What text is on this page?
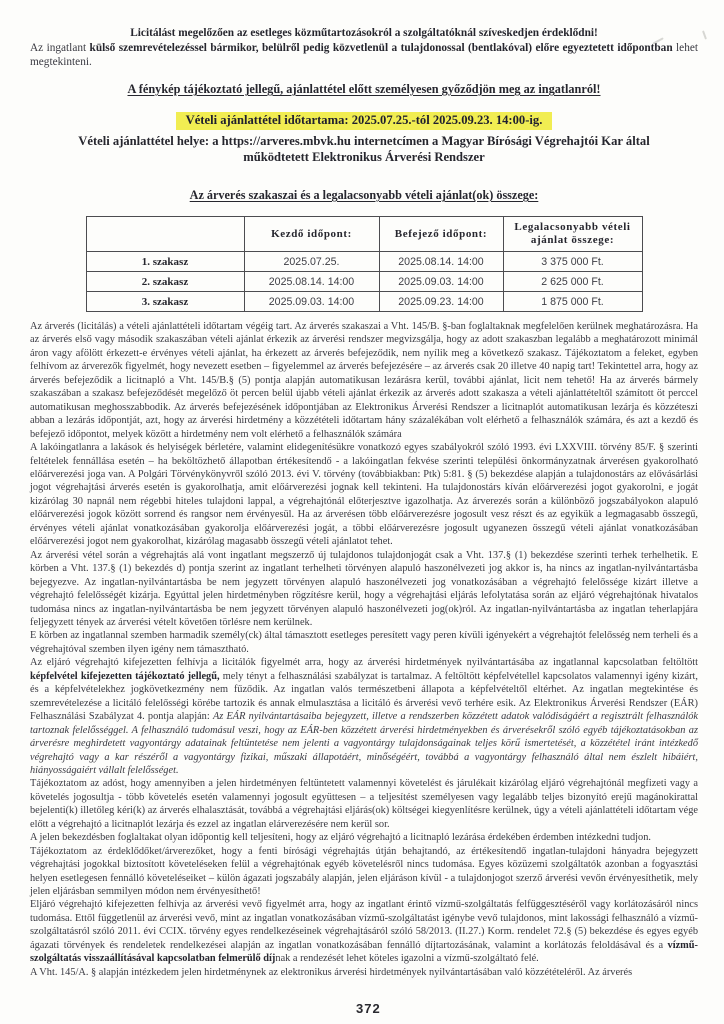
Licitálást megelőzően az esetleges közműtartozásokról a szolgáltatóknál szíveskedjen érdeklődni!

Az ingatlant külső szemrevételezéssel bármikor, belülről pedig közvetlenül a tulajdonossal (bentlakóval) előre egyeztetett időpontban lehet megtekinteni.

A fénykép tájékoztató jellegű, ajánlattétel előtt személyesen győződjön meg az ingatlanról!
Vételi ajánlattétel időtartama: 2025.07.25.-tól 2025.09.23. 14:00-ig.
Vételi ajánlattétel helye: a https://arveres.mbvk.hu internetcímen a Magyar Bírósági Végrehajtói Kar által működtetett Elektronikus Árverési Rendszer
Az árverés szakaszai és a legalacsonyabb vételi ajánlat(ok) összege:
	Kezdő időpont:	Befejező időpont:	Legalacsonyabb vételi ajánlat összege:
1. szakasz	2025.07.25.	2025.08.14. 14:00	3 375 000 Ft.
2. szakasz	2025.08.14. 14:00	2025.09.03. 14:00	2 625 000 Ft.
3. szakasz	2025.09.03. 14:00	2025.09.23. 14:00	1 875 000 Ft.

Az árverés (licitálás) a vételi ajánlattételi időtartam végéig tart. Az árverés szakaszai a Vht. 145/B. §-ban foglaltaknak megfelelően kerülnek meghatározásra. Ha az árverés első vagy második szakaszában vételi ajánlat érkezik az árverési rendszer megvizsgálja, hogy az adott szakaszban legalább a meghatározott minimál áron vagy afölött érkezett-e érvényes vételi ajánlat, ha érkezett az árverés befejeződik, nem nyílik meg a következő szakasz. Tájékoztatom a feleket, egyben felhívom az árverezők figyelmét, hogy nevezett esetben – figyelemmel az árverés befejezésére – az árverés csak 20 illetve 40 napig tart! Tekintettel arra, hogy az árverés befejeződik a licitnapló a Vht. 145/B.§ (5) pontja alapján automatikusan lezárásra kerül, további ajánlat, licit nem tehető! Ha az árverés bármely szakaszában a szakasz befejeződését megelőző öt percen belül újabb vételi ajánlat érkezik az árverés adott szakasza a vételi ajánlattételtől számított öt perccel automatikusan meghosszabbodik. Az árverés befejezésének időpontjában az Elektronikus Árverési Rendszer a licitnaplót automatikusan lezárja és közzéteszi abban a lezárás időpontját, azt, hogy az árverési hirdetmény a közzétételi időtartam hány százalékában volt elérhető a felhasználók számára, és azt a kezdő és befejező időpontot, melyek között a hirdetmény nem volt elérhető a felhasználók számára

A lakóingatlanra a lakások és helyiségek bérletére, valamint elidegenítésükre vonatkozó egyes szabályokról szóló 1993. évi LXXVIII. törvény 85/F. § szerinti feltételek fennállása esetén – ha beköltözhető állapotban értékesítendő - a lakóingatlan fekvése szerinti települési önkormányzatnak árverésen gyakorolható előárverezési joga van. A Polgári Törvénykönyvről szóló 2013. évi V. törvény (továbbiakban: Ptk) 5:81. § (5) bekezdése alapján a tulajdonostárs az elővásárlási jogot végrehajtási árverés esetén is gyakorolhatja, amit előárverezési jognak kell tekinteni. Ha tulajdonostárs kíván előárverezési jogot gyakorolni, e jogát kizárólag 30 napnál nem régebbi hiteles tulajdoni lappal, a végrehajtónál előterjesztve igazolhatja. Az árverezés során a különböző jogszabályokon alapuló előárverezési jogok között sorrend és rangsor nem érvényesül. Ha az árverésen több előárverezésre jogosult vesz részt és az egyikük a legmagasabb összegű, érvényes vételi ajánlat vonatkozásában gyakorolja előárverezési jogát, a többi előárverezésre jogosult ugyanezen összegű vételi ajánlat vonatkozásában előárverezési jogot nem gyakorolhat, kizárólag magasabb összegű vételi ajánlatot tehet.

Az árverési vétel során a végrehajtás alá vont ingatlant megszerző új tulajdonos tulajdonjogát csak a Vht. 137.§ (1) bekezdése szerinti terhek terhelhetik. E körben a Vht. 137.§ (1) bekezdés d) pontja szerint az ingatlant terhelheti törvényen alapuló haszonélvezeti jog akkor is, ha nincs az ingatlan-nyilvántartásba bejegyezve. Az ingatlan-nyilvántartásba be nem jegyzett törvényen alapuló haszonélvezeti jog vonatkozásában a végrehajtó felelőssége kizárt illetve a végrehajtó felelősségét kizárja. Egyúttal jelen hirdetményben rögzítésre kerül, hogy a végrehajtási eljárás lefolytatása során az eljáró végrehajtónak hivatalos tudomása nincs az ingatlan-nyilvántartásba be nem jegyzett törvényen alapuló haszonélvezeti jog(ok)ról. Az ingatlan-nyilvántartásba az ingatlan teherlapjára feljegyzett tények az árverési vételt követően törlésre nem kerülnek.

E körben az ingatlannal szemben harmadik személy(ck) által támasztott esetleges peresített vagy peren kívüli igényekért a végrehajtót felelősség nem terheli és a végrehajtóval szemben ilyen igény nem támasztható.

Az eljáró végrehajtó kifejezetten felhívja a licitálók figyelmét arra, hogy az árverési hirdetmények nyilvántartásába az ingatlannal kapcsolatban feltöltött képfelvétel kifejezetten tájékoztató jellegű, mely tényt a felhasználási szabályzat is tartalmaz. A feltöltött képfelvétellel kapcsolatos valamennyi igény kizárt, és a képfelvételekhez jogkövetkezmény nem fűződik. Az ingatlan valós természetbeni állapota a képfelvételtől eltérhet. Az ingatlan megtekintése és szemrevételezése a licitáló felelősségi körébe tartozik és annak elmulasztása a licitáló és árverési vevő terhére esik. Az Elektronikus Árverési Rendszer (EÁR) Felhasználási Szabályzat 4. pontja alapján: Az EÁR nyilvántartásaiba bejegyzett, illetve a rendszerben közzétett adatok valódiságáért a regisztrált felhasználók tartoznak felelősséggel. A felhasználó tudomásul veszi, hogy az EÁR-ben közzétett árverési hirdetményekben és árverésekről szóló egyéb tájékoztatásokban az árverésre meghirdetett vagyontárgy adatainak feltüntetése nem jelenti a vagyontárgy tulajdonságainak teljes körű ismertetését, a közzététel iránt intézkedő végrehajtó vagy a kar részéről a vagyontárgy fizikai, műszaki állapotáért, minőségéért, továbbá a vagyontárgy felhasználó által nem észlelt hibáiért, hiányosságaiért vállalt felelősséget.

Tájékoztatom az adóst, hogy amennyiben a jelen hirdetményen feltüntetett valamennyi követelést és járulékait kizárólag eljáró végrehajtónál megfizeti vagy a követelés jogosultja - több követelés esetén valamennyi jogosult együttesen – a teljesítést személyesen vagy legalább teljes bizonyító erejű magánokirattal bejelenti(k) illetőleg kéri(k) az árverés elhalasztását, továbbá a végrehajtási eljárás(ok) költségei kiegyenlítésre kerülnek, úgy a vételi ajánlattételi időtartam vége előtt a végrehajtó a licitnaplót lezárja és ezzel az ingatlan elárverezésére nem kerül sor.

A jelen bekezdésben foglaltakat olyan időpontig kell teljesíteni, hogy az eljáró végrehajtó a licitnapló lezárása érdekében érdemben intézkedni tudjon.

Tájékoztatom az érdeklődőket/árverezőket, hogy a fenti bírósági végrehajtás útján behajtandó, az értékesítendő ingatlan-tulajdoni hányadra bejegyzett végrehajtási jogokkal biztosított követeléseken felül a végrehajtónak egyéb követelésről nincs tudomása. Egyes közüzemi szolgáltatók azonban a fogyasztási helyen esetlegesen fennálló követeléseiket – külön ágazati jogszabály alapján, jelen eljáráson kívül - a tulajdonjogot szerző árverési vevőn érvényesíthetik, mely jelen eljárásban semmilyen módon nem érvényesíthető!

Eljáró végrehajtó kifejezetten felhívja az árverési vevő figyelmét arra, hogy az ingatlant érintő vízmű-szolgáltatás felfüggesztéséről vagy korlátozásáról nincs tudomása. Ettől függetlenül az árverési vevő, mint az ingatlan vonatkozásában vízmű-szolgáltatást igénybe vevő tulajdonos, mint lakossági felhasználó a vízmű-szolgáltatásról szóló 2011. évi CCIX. törvény egyes rendelkezéseinek végrehajtásáról szóló 58/2013. (II.27.) Korm. rendelet 72.§ (5) bekezdése és egyes egyéb ágazati törvények és rendeletek rendelkezései alapján az ingatlan vonatkozásában fennálló díjtartozásának, valamint a korlátozás feloldásával és a vízmű-szolgáltatás visszaállításával kapcsolatban felmerülő díjnak a rendezését lehet köteles igazolni a vízmű-szolgáltató felé.

A Vht. 145/A. § alapján intézkedem jelen hirdetménynek az elektronikus árverési hirdetmények nyilvántartásában való közzétételéről. Az árverés

372
